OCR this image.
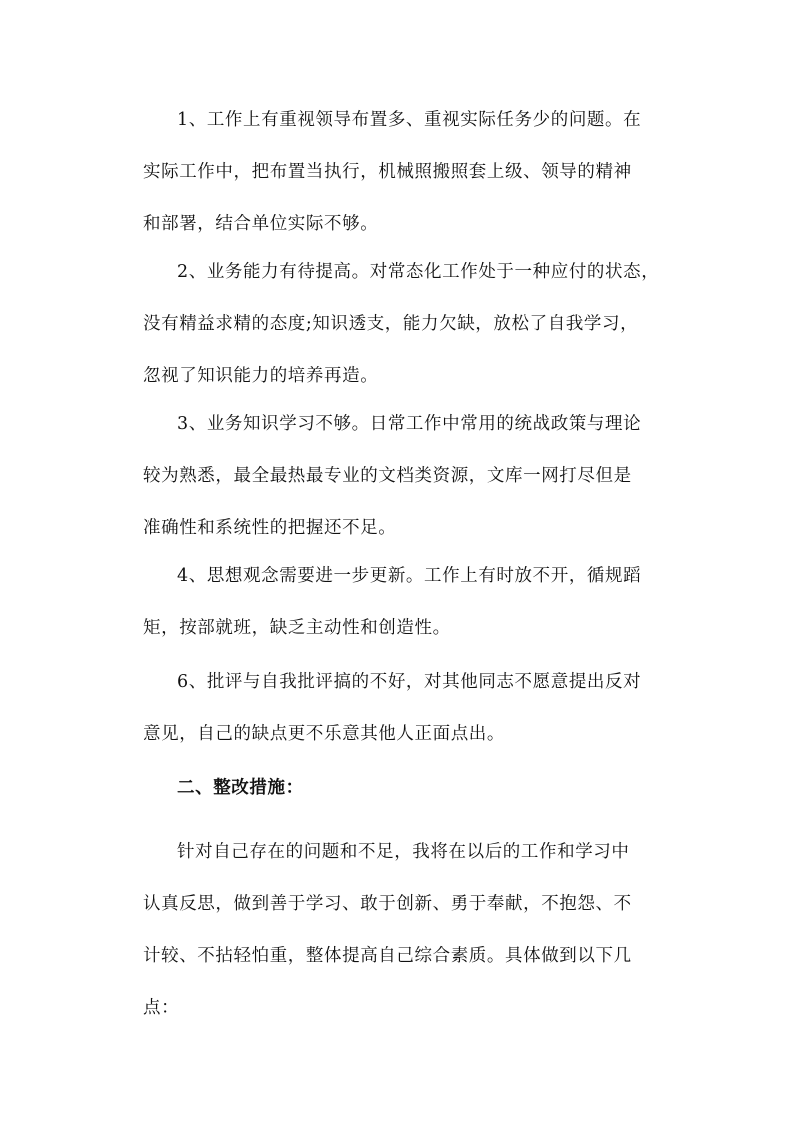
1、工作上有重视领导布置多、重视实际任务少的问题。在
实际工作中，把布置当执行，机械照搬照套上级、领导的精神
和部署，结合单位实际不够。

2、业务能力有待提高。对常态化工作处于一种应付的状态，
没有精益求精的态度;知识透支，能力欠缺，放松了自我学习，
忽视了知识能力的培养再造。

3、业务知识学习不够。日常工作中常用的统战政策与理论
较为熟悉，最全最热最专业的文档类资源，文库一网打尽但是
准确性和系统性的把握还不足。

4、思想观念需要进一步更新。工作上有时放不开，循规蹈
矩，按部就班，缺乏主动性和创造性。

6、批评与自我批评搞的不好，对其他同志不愿意提出反对
意见，自己的缺点更不乐意其他人正面点出。

二、整改措施：

针对自己存在的问题和不足，我将在以后的工作和学习中
认真反思，做到善于学习、敢于创新、勇于奉献，不抱怨、不
计较、不拈轻怕重，整体提高自己综合素质。具体做到以下几
点：
